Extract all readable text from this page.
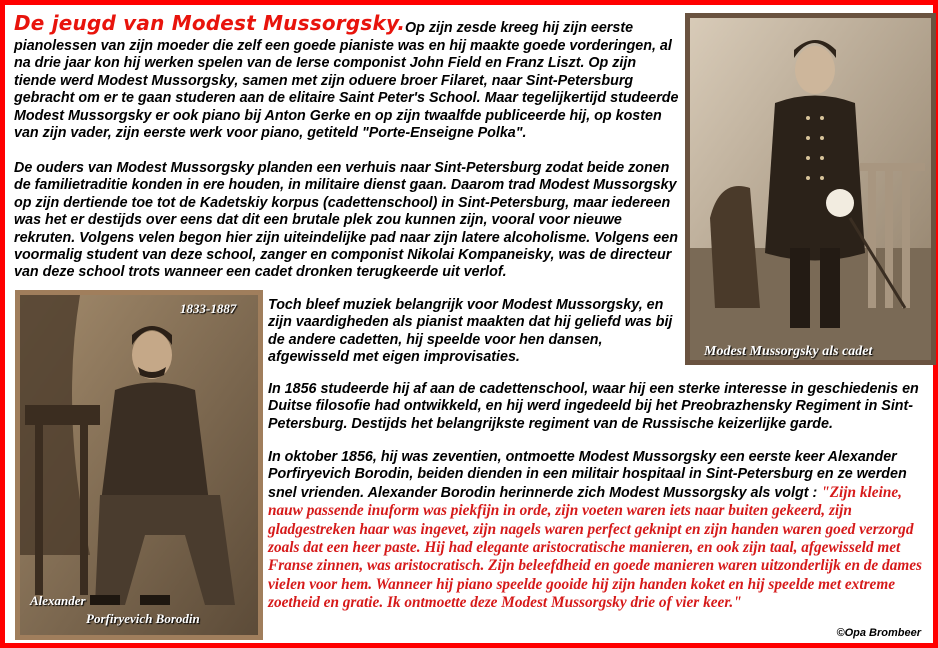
De jeugd van Modest Mussorgsky. Op zijn zesde kreeg hij zijn eerste
pianolessen van zijn moeder die zelf een goede pianiste was en hij maakte goede vorderingen, al na drie jaar kon hij werken spelen van de Ierse componist John Field en Franz Liszt. Op zijn tiende werd Modest Mussorgsky, samen met zijn oduere broer Filaret, naar Sint-Petersburg gebracht om er te gaan studeren aan de elitaire Saint Peter's School. Maar tegelijkertijd studeerde Modest Mussorgsky er ook piano bij Anton Gerke en op zijn twaalfde publiceerde hij, op kosten van zijn vader, zijn eerste werk voor piano, getiteld "Porte-Enseigne Polka".
De ouders van Modest Mussorgsky planden een verhuis naar Sint-Petersburg zodat beide zonen de familietraditie konden in ere houden, in militaire dienst gaan. Daarom trad Modest Mussorgsky op zijn dertiende toe tot de Kadetskiy korpus (cadettenschool) in Sint-Petersburg, maar iedereen was het er destijds over eens dat dit een brutale plek zou kunnen zijn, vooral voor nieuwe rekruten. Volgens velen begon hier zijn uiteindelijke pad naar zijn latere alcoholisme. Volgens een voormalig student van deze school, zanger en componist Nikolai Kompaneisky, was de directeur van deze school trots wanneer een cadet dronken terugkeerde uit verlof.
Toch bleef muziek belangrijk voor Modest Mussorgsky, en zijn vaardigheden als pianist maakten dat hij geliefd was bij de andere cadetten, hij speelde voor hen dansen, afgewisseld met eigen improvisaties.
In 1856 studeerde hij af aan de cadettenschool, waar hij een sterke interesse in geschiedenis en Duitse filosofie had ontwikkeld, en hij werd ingedeeld bij het Preobrazhensky Regiment in Sint-Petersburg. Destijds het belangrijkste regiment van de Russische keizerlijke garde.
In oktober 1856, hij was zeventien, ontmoette Modest Mussorgsky een eerste keer Alexander Porfiryevich Borodin, beiden dienden in een militair hospitaal in Sint-Petersburg en ze werden snel vrienden. Alexander Borodin herinnerde zich Modest Mussorgsky als volgt : "Zijn kleine, nauw passende inuform was piekfijn in orde, zijn voeten waren iets naar buiten gekeerd, zijn gladgestreken haar was ingevet, zijn nagels waren perfect geknipt en zijn handen waren goed verzorgd zoals dat een heer paste. Hij had elegante aristocratische manieren, en ook zijn taal, afgewisseld met Franse zinnen, was aristocratisch. Zijn beleefdheid en goede manieren waren uitzonderlijk en de dames vielen voor hem. Wanneer hij piano speelde gooide hij zijn handen koket en hij speelde met extreme zoetheid en gratie. Ik ontmoette deze Modest Mussorgsky drie of vier keer."
Modest Mussorgsky als cadet
1833-1887
Alexander
Porfiryevich Borodin
©Opa Brombeer
